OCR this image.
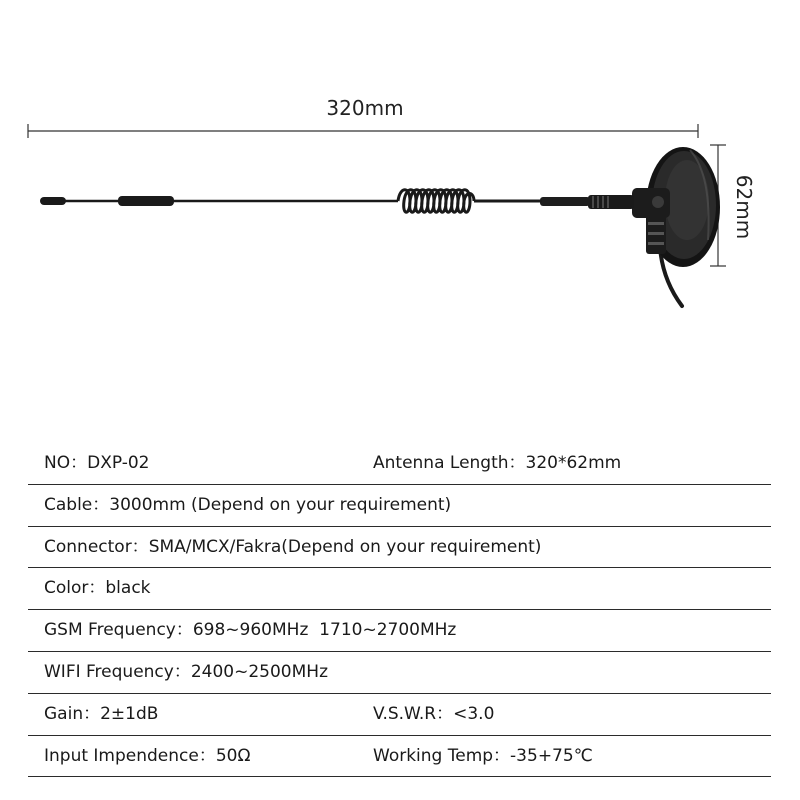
320mm
62mm
NO：DXP-02	Antenna Length：320*62mm
Cable：3000mm (Depend on your requirement)
Connector：SMA/MCX/Fakra(Depend on your requirement)
Color：black
GSM Frequency：698~960MHz  1710~2700MHz
WIFI Frequency：2400~2500MHz
Gain：2±1dB	V.S.W.R：<3.0
Input Impendence：50Ω	Working Temp：-35+75℃
